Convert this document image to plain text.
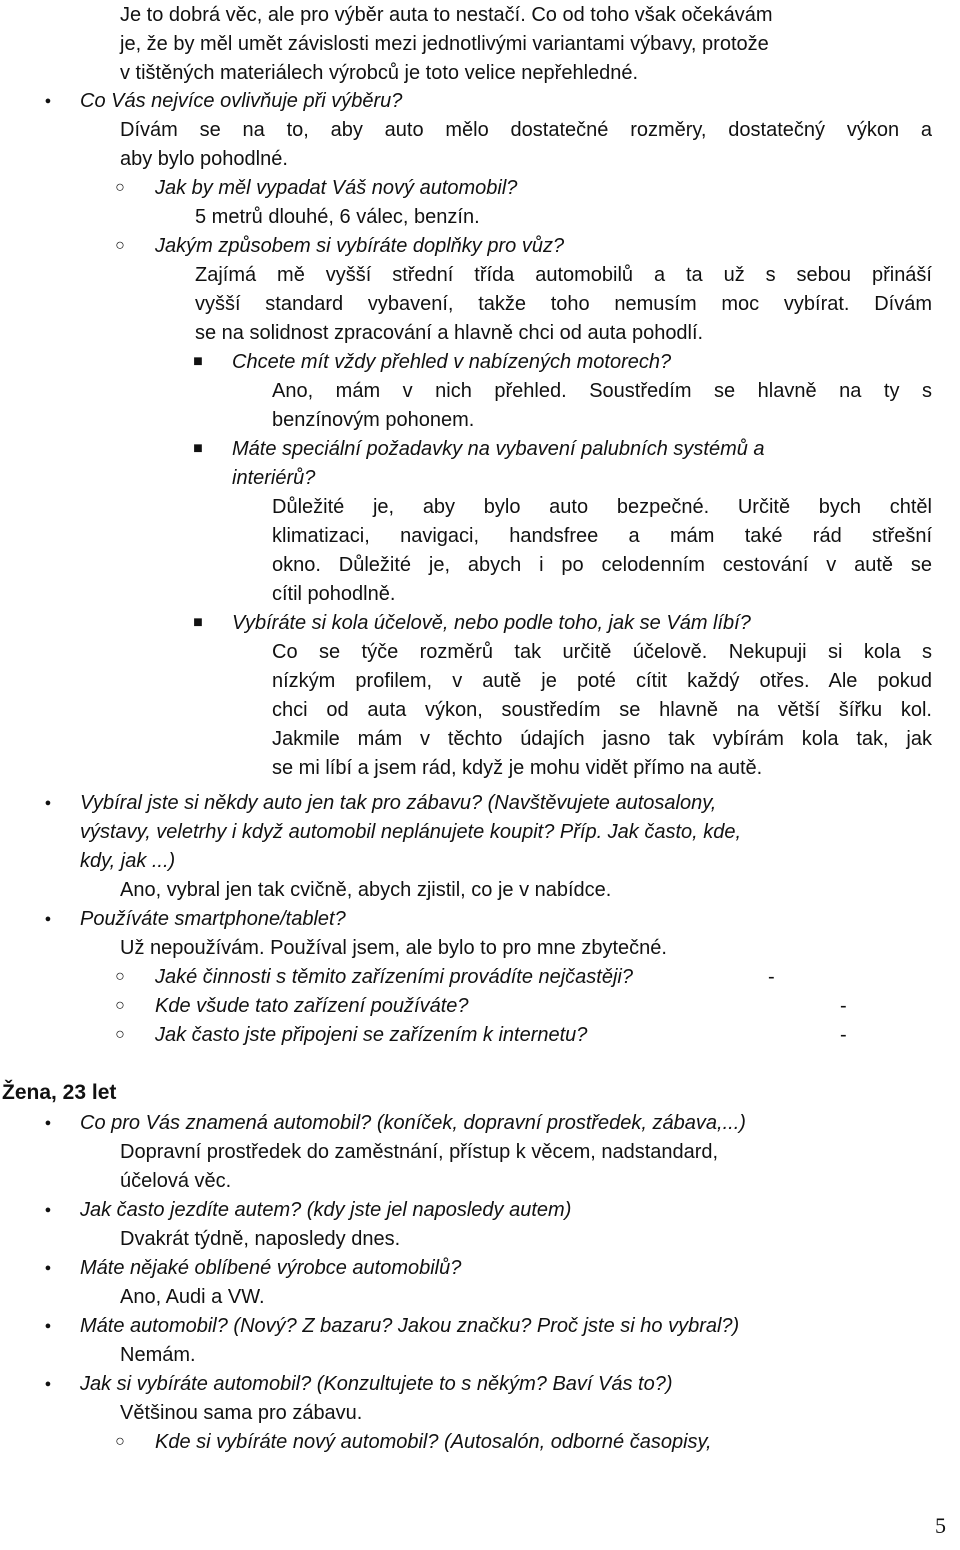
Je to dobrá věc, ale pro výběr auta to nestačí. Co od toho však očekávám
je, že by měl umět závislosti mezi jednotlivými variantami výbavy, protože
v tištěných materiálech výrobců je toto velice nepřehledné.
●	Co Vás nejvíce ovlivňuje při výběru?
Dívám se na to, aby auto mělo dostatečné rozměry, dostatečný výkon a
aby bylo pohodlné.
○ Jak by měl vypadat Váš nový automobil?
5 metrů dlouhé, 6 válec, benzín.
○ Jakým způsobem si vybíráte doplňky pro vůz?
Zajímá mě vyšší střední třída automobilů a ta už s sebou přináší
vyšší standard vybavení, takže toho nemusím moc vybírat. Dívám
se na solidnost zpracování a hlavně chci od auta pohodlí.
■ Chcete mít vždy přehled v nabízených motorech?
Ano, mám v nich přehled. Soustředím se hlavně na ty s
benzínovým pohonem.
■ Máte speciální požadavky na vybavení palubních systémů a
interiérů?
Důležité je, aby bylo auto bezpečné. Určitě bych chtěl
klimatizaci, navigaci, handsfree a mám také rád střešní
okno. Důležité je, abych i po celodenním cestování v autě se
cítil pohodlně.
■ Vybíráte si kola účelově, nebo podle toho, jak se Vám líbí?
Co se týče rozměrů tak určitě účelově. Nekupuji si kola s
nízkým profilem, v autě je poté cítit každý otřes. Ale pokud
chci od auta výkon, soustředím se hlavně na větší šířku kol.
Jakmile mám v těchto údajích jasno tak vybírám kola tak, jak
se mi líbí a jsem rád, když je mohu vidět přímo na autě.
●	Vybíral jste si někdy auto jen tak pro zábavu? (Navštěvujete autosalony,
výstavy, veletrhy i když automobil neplánujete koupit? Příp. Jak často, kde,
kdy, jak ...)
Ano, vybral jen tak cvičně, abych zjistil, co je v nabídce.
●	Používáte smartphone/tablet?
Už nepoužívám. Používal jsem, ale bylo to pro mne zbytečné.
○ Jaké činnosti s těmito zařízeními provádíte nejčastěji?	-
○ Kde všude tato zařízení používáte?	-
○ Jak často jste připojeni se zařízením k internetu?	-
Žena, 23 let
●	Co pro Vás znamená automobil? (koníček, dopravní prostředek, zábava,...)
Dopravní prostředek do zaměstnání, přístup k věcem, nadstandard,
účelová věc.
●	Jak často jezdíte autem? (kdy jste jel naposledy autem)
Dvakrát týdně, naposledy dnes.
●	Máte nějaké oblíbené výrobce automobilů?
Ano, Audi a VW.
●	Máte automobil? (Nový? Z bazaru? Jakou značku? Proč jste si ho vybral?)
Nemám.
●	Jak si vybíráte automobil? (Konzultujete to s někým? Baví Vás to?)
Většinou sama pro zábavu.
○ Kde si vybíráte nový automobil? (Autosalón, odborné časopisy,
5
